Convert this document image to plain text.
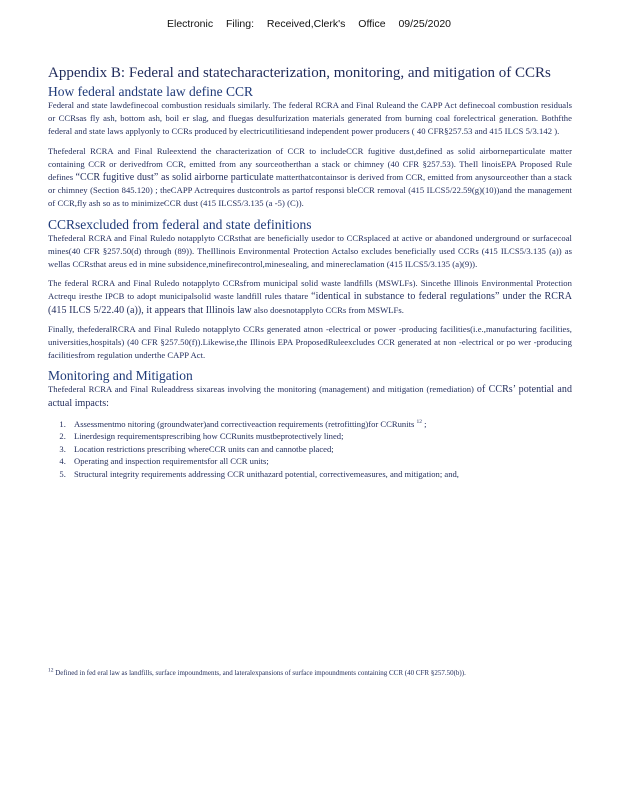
Electronic Filing: Received,Clerk's Office 09/25/2020
Appendix B: Federal and statecharacterization, monitoring, and mitigation of CCRs
How federal andstate law define CCR

Federal and state lawdefinecoal combustion residuals similarly. The federal RCRA and Final Ruleand the CAPP Act definecoal combustion residuals or CCRsas fly ash, bottom ash, boil er slag, and fluegas desulfurization materials generated from burning coal forelectrical generation. Bothfthe federal and state laws applyonly to CCRs produced by electricutilitiesand independent power producers ( 40 CFR§257.53 and 415 ILCS 5/3.142 ).

Thefederal RCRA and Final Ruleextend the characterization of CCR to includeCCR fugitive dust,defined as solid airborneparticulate matter containing CCR or derivedfrom CCR, emitted from any sourceotherthan a stack or chimney (40 CFR §257.53). TheIl linoisEPA Proposed Rule defines “CCR fugitive dust” as solid airborne particulate matterthatcontainsor is derived from CCR, emitted from anysourceother than a stack or chimney (Section 845.120) ; theCAPP Actrequires dustcontrols as partof responsi bleCCR removal (415 ILCS5/22.59(g)(10))and the management of CCR,fly ash so as to minimizeCCR dust (415 ILCS5/3.135 (a -5) (C)).

CCRsexcluded from federal and state definitions

Thefederal RCRA and Final Ruledo notapplyto CCRsthat are beneficially usedor to CCRsplaced at active or abandoned underground or surfacecoal mines(40 CFR §257.50(d) through (89)). TheIllinois Environmental Protection Actalso excludes beneficially used CCRs (415 ILCS5/3.135 (a)) as wellas CCRsthat areus ed in mine subsidence,minefirecontrol,minesealing, and minereclamation (415 ILCS5/3.135 (a)(9)).

The federal RCRA and Final Ruledo notapplyto CCRsfrom municipal solid waste landfills (MSWLFs). Sincethe Illinois Environmental Protection Actrequ iresthe IPCB to adopt municipalsolid waste landfill rules thatare “identical in substance to federal regulations” under the RCRA (415 ILCS 5/22.40 (a)), it appears that Illinois law also doesnotapplyto CCRs from MSWLFs.

Finally, thefederalRCRA and Final Ruledo notapplyto CCRs generated atnon -electrical or power -producing facilities(i.e.,manufacturing facilities, universities,hospitals) (40 CFR §257.50(f)).Likewise,the Illinois EPA ProposedRuleexcludes CCR generated at non -electrical or po wer -producing facilitiesfrom regulation underthe CAPP Act.

Monitoring and Mitigation

Thefederal RCRA and Final Ruleaddress sixareas involving the monitoring (management) and mitigation (remediation) of CCRs’ potential and actual impacts:

1. Assessmentmo nitoring (groundwater)and correctiveaction requirements (retrofitting)for CCRunits $^{12}$ ;
2. Linerdesign requirementsprescribing how CCRunits mustbeprotectively lined;
3. Location restrictions prescribing whereCCR units can and cannotbe placed;
4. Operating and inspection requirementsfor all CCR units;
5. Structural integrity requirements addressing CCR unithazard potential, correctivemeasures, and mitigation; and,

$^{12}$ Defined in fed eral law as landfills, surface impoundments, and lateralexpansions of surface impoundments containing CCR (40 CFR §257.50(b)).
